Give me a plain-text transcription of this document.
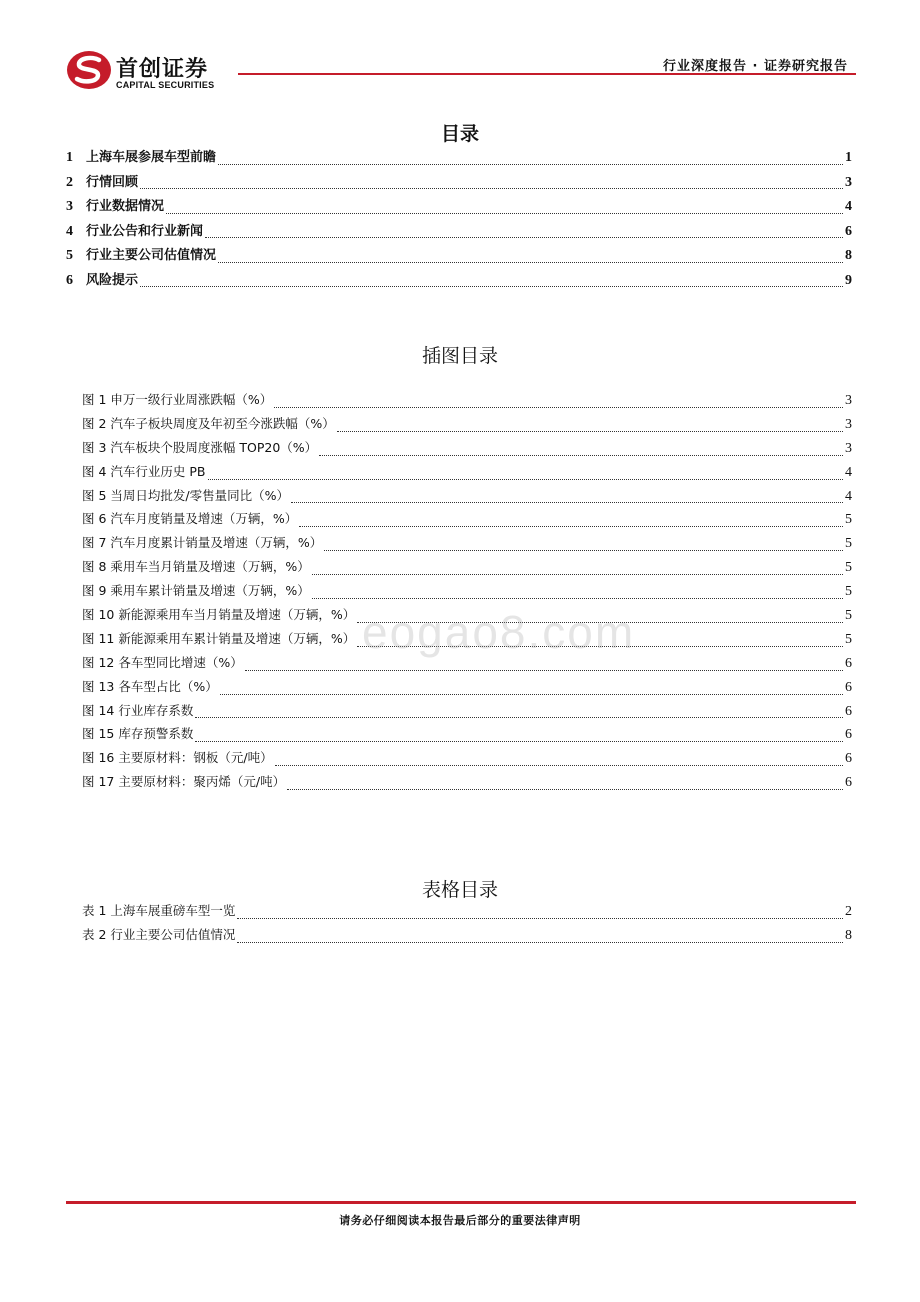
首创证券
CAPITAL SECURITIES
行业深度报告 · 证券研究报告
目录
1	上海车展参展车型前瞻	1
2	行情回顾	3
3	行业数据情况	4
4	行业公告和行业新闻	6
5	行业主要公司估值情况	8
6	风险提示	9
插图目录
图 1 申万一级行业周涨跌幅（%）	3
图 2 汽车子板块周度及年初至今涨跌幅（%）	3
图 3 汽车板块个股周度涨幅 TOP20（%）	3
图 4 汽车行业历史 PB	4
图 5 当周日均批发/零售量同比（%）	4
图 6 汽车月度销量及增速（万辆，%）	5
图 7 汽车月度累计销量及增速（万辆，%）	5
图 8 乘用车当月销量及增速（万辆，%）	5
图 9 乘用车累计销量及增速（万辆，%）	5
图 10 新能源乘用车当月销量及增速（万辆，%）	5
图 11 新能源乘用车累计销量及增速（万辆，%）	5
图 12 各车型同比增速（%）	6
图 13 各车型占比（%）	6
图 14 行业库存系数	6
图 15 库存预警系数	6
图 16 主要原材料：钢板（元/吨）	6
图 17 主要原材料：聚丙烯（元/吨）	6
eogao8.com
表格目录
表 1 上海车展重磅车型一览	2
表 2 行业主要公司估值情况	8
请务必仔细阅读本报告最后部分的重要法律声明
